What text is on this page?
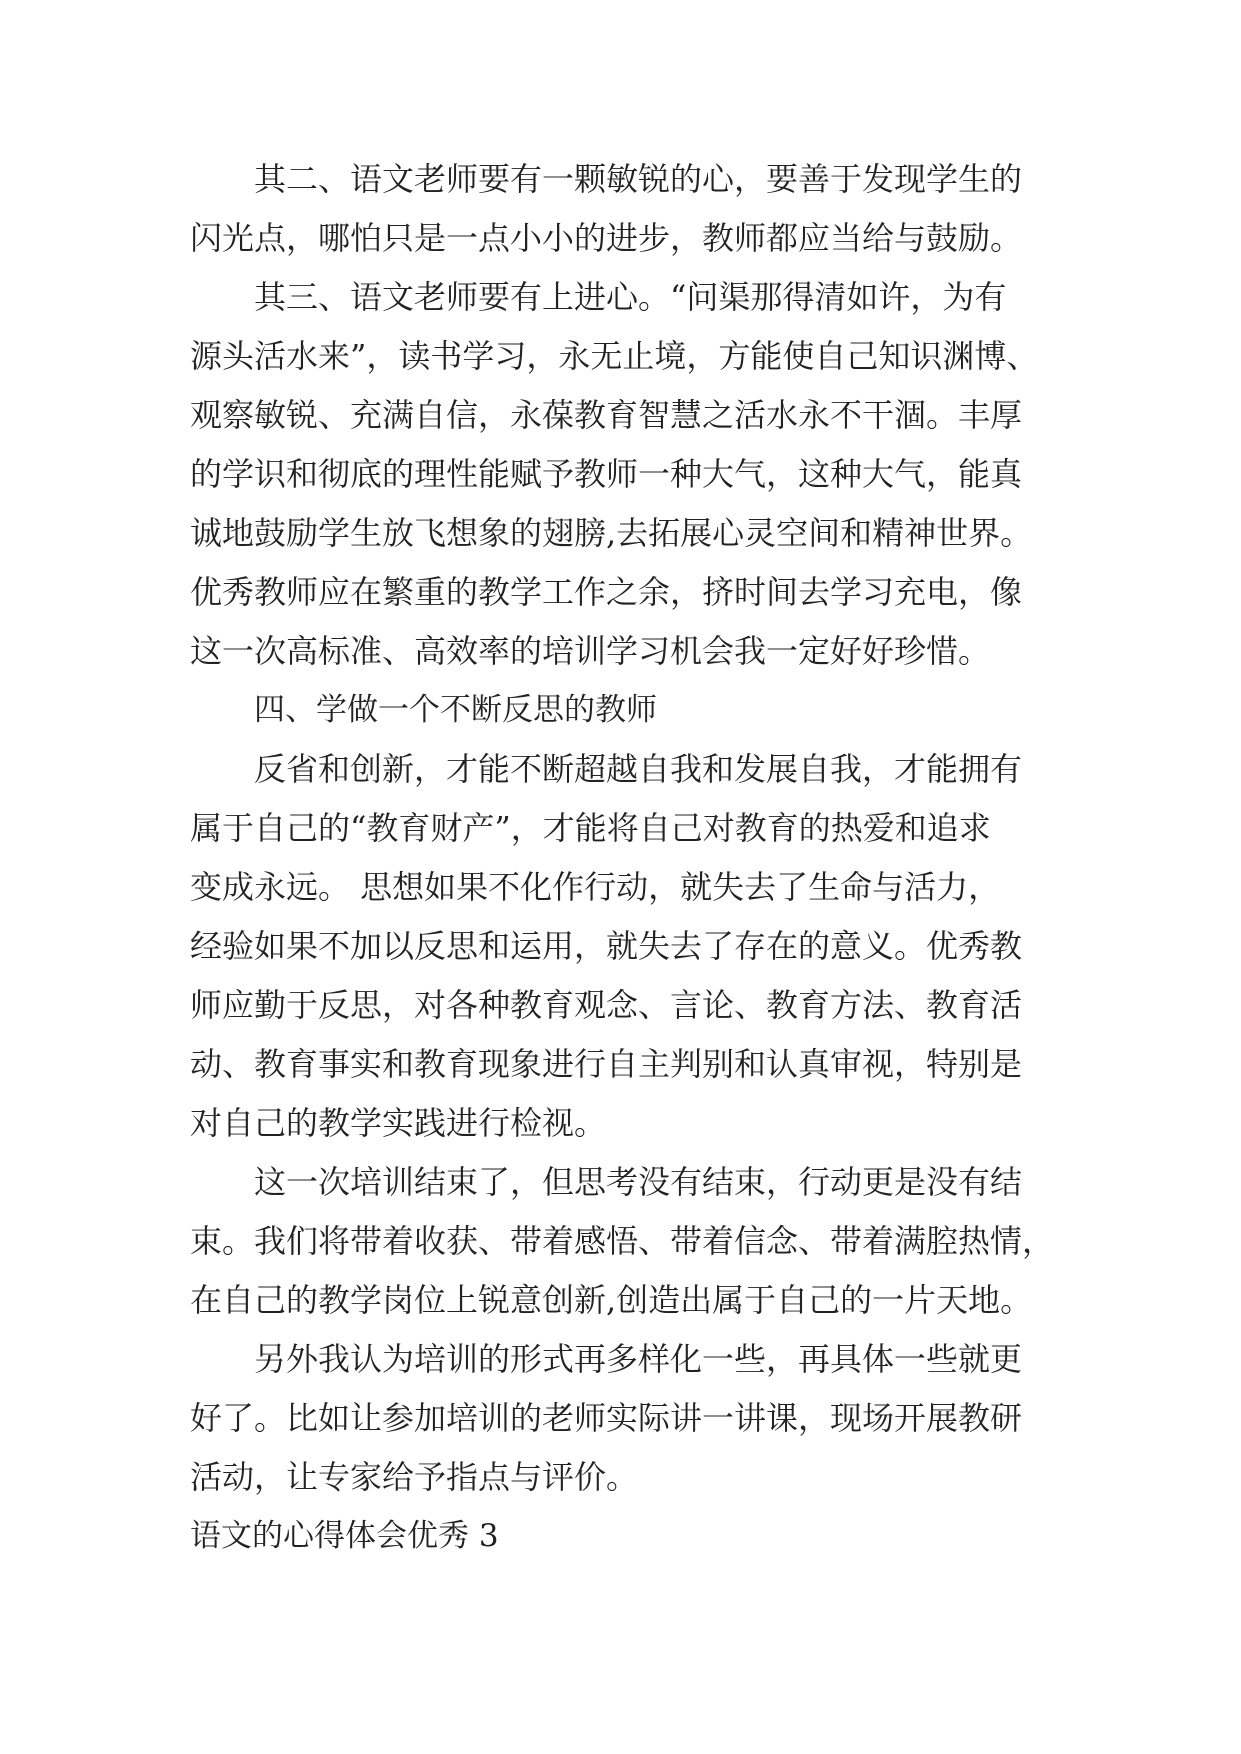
其二、语文老师要有一颗敏锐的心，要善于发现学生的
闪光点，哪怕只是一点小小的进步，教师都应当给与鼓励。
其三、语文老师要有上进心。“问渠那得清如许，为有
源头活水来”，读书学习，永无止境，方能使自己知识渊博、
观察敏锐、充满自信，永葆教育智慧之活水永不干涸。丰厚
的学识和彻底的理性能赋予教师一种大气，这种大气，能真
诚地鼓励学生放飞想象的翅膀,去拓展心灵空间和精神世界。
优秀教师应在繁重的教学工作之余，挤时间去学习充电，像
这一次高标准、高效率的培训学习机会我一定好好珍惜。
四、学做一个不断反思的教师
反省和创新，才能不断超越自我和发展自我，才能拥有
属于自己的“教育财产”，才能将自己对教育的热爱和追求
变成永远。 思想如果不化作行动，就失去了生命与活力，
经验如果不加以反思和运用，就失去了存在的意义。优秀教
师应勤于反思，对各种教育观念、言论、教育方法、教育活
动、教育事实和教育现象进行自主判别和认真审视，特别是
对自己的教学实践进行检视。
这一次培训结束了，但思考没有结束，行动更是没有结
束。我们将带着收获、带着感悟、带着信念、带着满腔热情，
在自己的教学岗位上锐意创新,创造出属于自己的一片天地。
另外我认为培训的形式再多样化一些，再具体一些就更
好了。比如让参加培训的老师实际讲一讲课，现场开展教研
活动，让专家给予指点与评价。
语文的心得体会优秀 3
